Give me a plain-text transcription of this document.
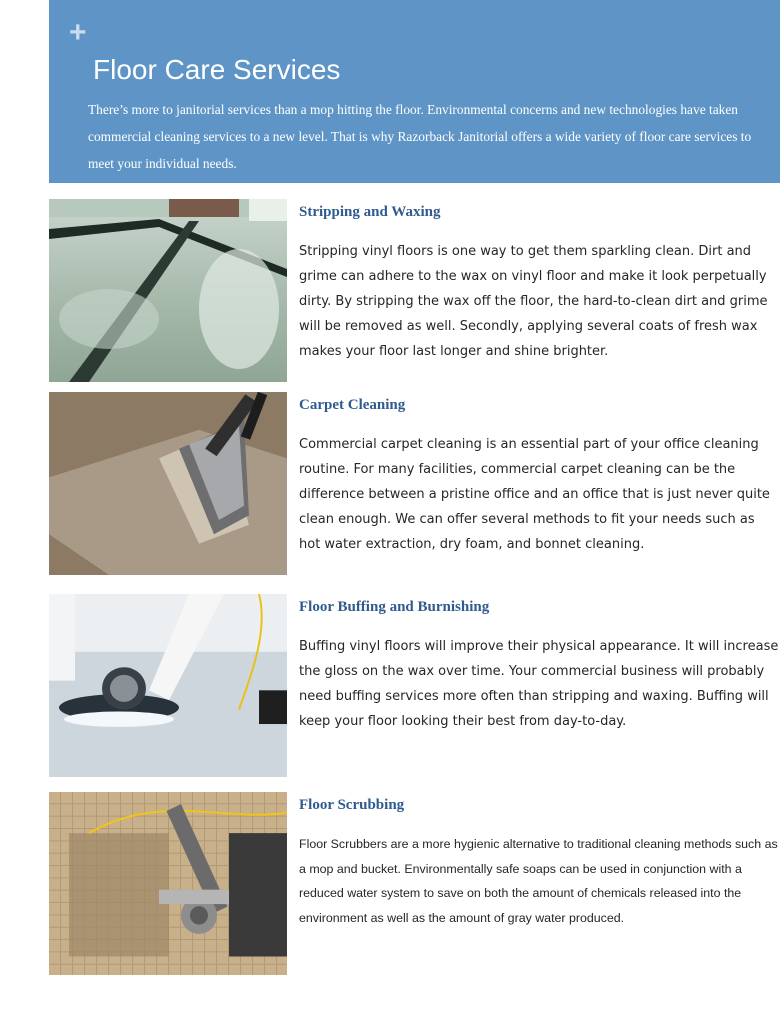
+
Floor Care Services

There’s more to janitorial services than a mop hitting the floor. Environmental concerns and new technologies have taken commercial cleaning services to a new level. That is why Razorback Janitorial offers a wide variety of floor care services to meet your individual needs.

Stripping and Waxing

Stripping vinyl floors is one way to get them sparkling clean. Dirt and grime can adhere to the wax on vinyl floor and make it look perpetually dirty. By stripping the wax off the floor, the hard-to-clean dirt and grime will be removed as well. Secondly, applying several coats of fresh wax makes your floor last longer and shine brighter.

Carpet Cleaning

Commercial carpet cleaning is an essential part of your office cleaning routine. For many facilities, commercial carpet cleaning can be the difference between a pristine office and an office that is just never quite clean enough. We can offer several methods to fit your needs such as hot water extraction, dry foam, and bonnet cleaning.

Floor Buffing and Burnishing

Buffing vinyl floors will improve their physical appearance. It will increase the gloss on the wax over time. Your commercial business will probably need buffing services more often than stripping and waxing. Buffing will keep your floor looking their best from day-to-day.

Floor Scrubbing

Floor Scrubbers are a more hygienic alternative to traditional cleaning methods such as a mop and bucket. Environmentally safe soaps can be used in conjunction with a reduced water system to save on both the amount of chemicals released into the environment as well as the amount of gray water produced.
